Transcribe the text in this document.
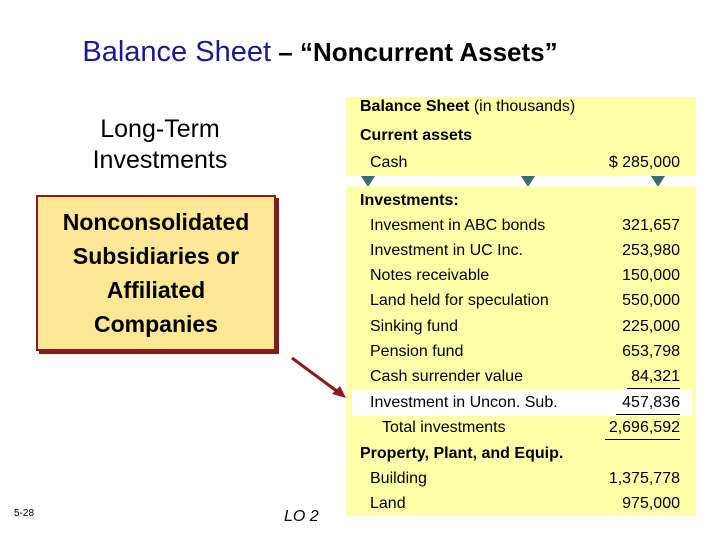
Balance Sheet – “Noncurrent Assets”
Long-Term
Investments
Nonconsolidated
Subsidiaries or
Affiliated
Companies
5-28	LO 2
Balance Sheet (in thousands)
Current assets
Cash	$ 285,000
Investments:
Invesment in ABC bonds	321,657
Investment in UC Inc.	253,980
Notes receivable	150,000
Land held for speculation	550,000
Sinking fund	225,000
Pension fund	653,798
Cash surrender value	84,321
Investment in Uncon. Sub.	457,836
Total investments	2,696,592
Property, Plant, and Equip.
Building	1,375,778
Land	975,000
